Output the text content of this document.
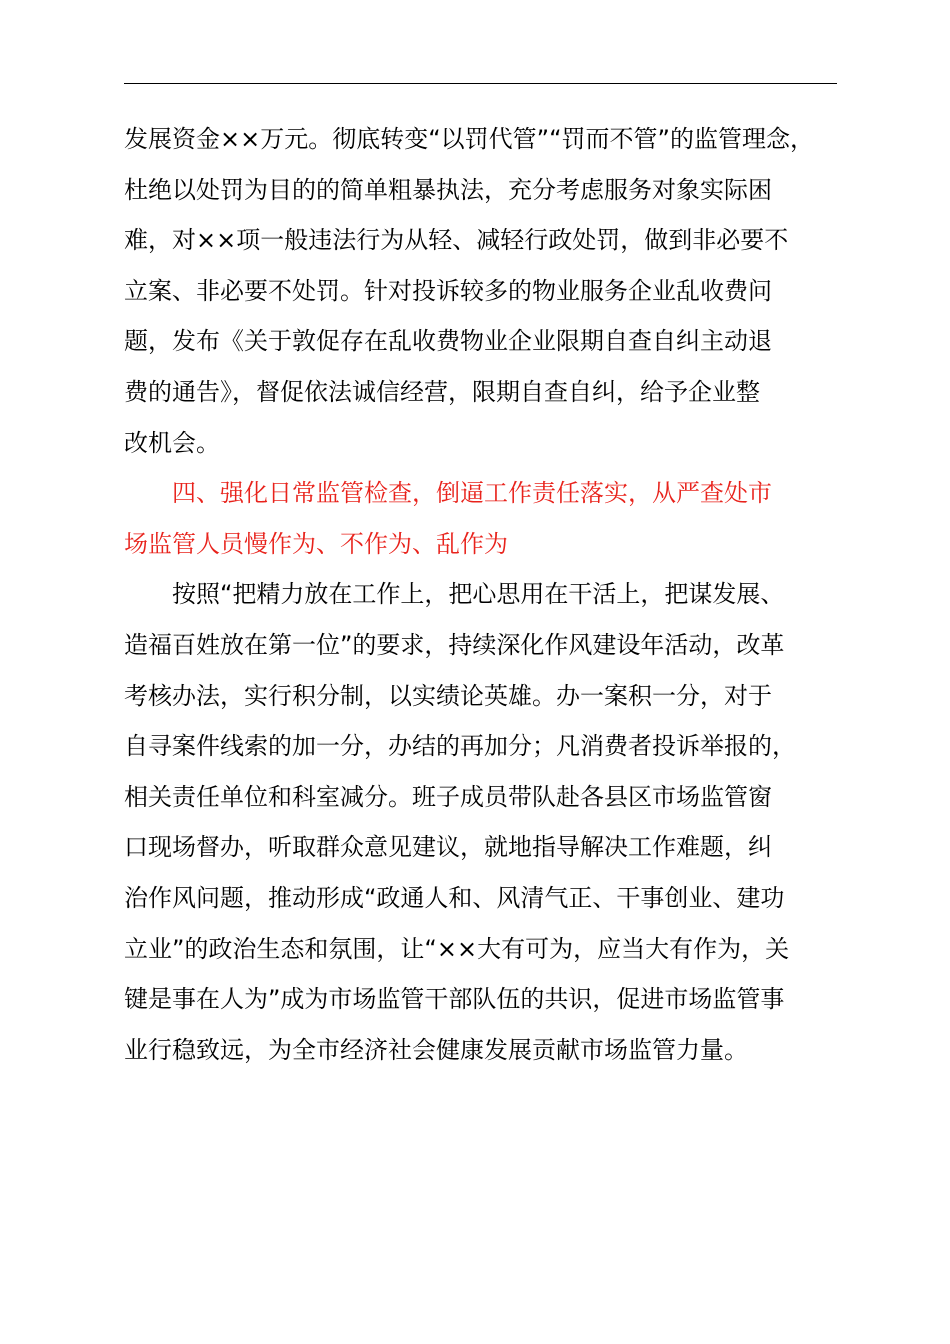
发展资金××万元。彻底转变“以罚代管”“罚而不管”的监管理念，
杜绝以处罚为目的的简单粗暴执法，充分考虑服务对象实际困
难，对××项一般违法行为从轻、减轻行政处罚，做到非必要不
立案、非必要不处罚。针对投诉较多的物业服务企业乱收费问
题，发布《关于敦促存在乱收费物业企业限期自查自纠主动退
费的通告》，督促依法诚信经营，限期自查自纠，给予企业整
改机会。
四、强化日常监管检查，倒逼工作责任落实，从严查处市
场监管人员慢作为、不作为、乱作为
按照“把精力放在工作上，把心思用在干活上，把谋发展、
造福百姓放在第一位”的要求，持续深化作风建设年活动，改革
考核办法，实行积分制，以实绩论英雄。办一案积一分，对于
自寻案件线索的加一分，办结的再加分；凡消费者投诉举报的，
相关责任单位和科室减分。班子成员带队赴各县区市场监管窗
口现场督办，听取群众意见建议，就地指导解决工作难题，纠
治作风问题，推动形成“政通人和、风清气正、干事创业、建功
立业”的政治生态和氛围，让“××大有可为，应当大有作为，关
键是事在人为”成为市场监管干部队伍的共识，促进市场监管事
业行稳致远，为全市经济社会健康发展贡献市场监管力量。
